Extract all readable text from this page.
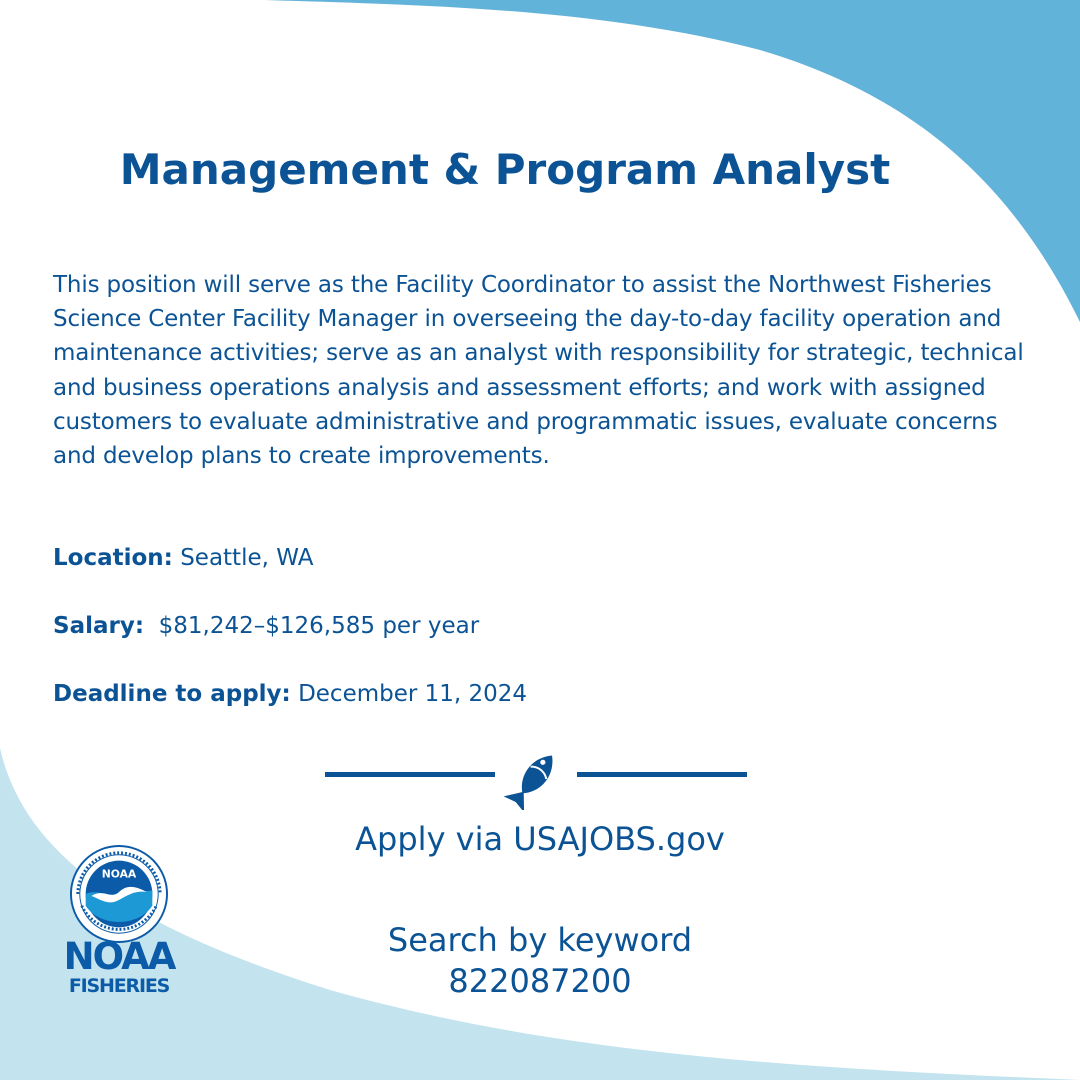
Management & Program Analyst

This position will serve as the Facility Coordinator to assist the Northwest Fisheries Science Center Facility Manager in overseeing the day-to-day facility operation and maintenance activities; serve as an analyst with responsibility for strategic, technical and business operations analysis and assessment efforts; and work with assigned customers to evaluate administrative and programmatic issues, evaluate concerns and develop plans to create improvements.

Location: Seattle, WA

Salary: $81,242–$126,585 per year

Deadline to apply: December 11, 2024

Apply via USAJOBS.gov

Search by keyword
822087200

NOAA

NOAA

FISHERIES
